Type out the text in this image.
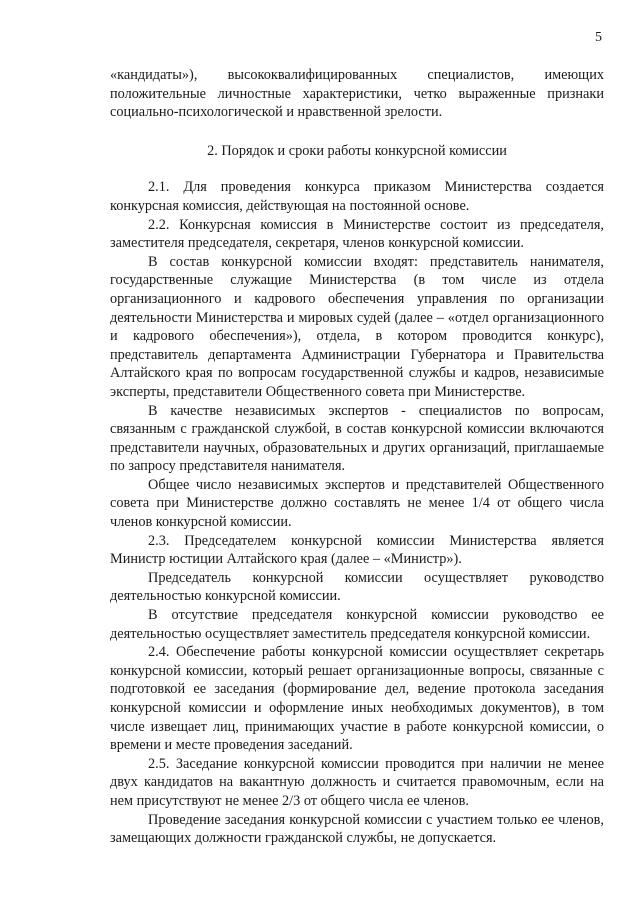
5

«кандидаты»), высококвалифицированных специалистов, имеющих положительные личностные характеристики, четко выраженные признаки социально-психологической и нравственной зрелости.

2. Порядок и сроки работы конкурсной комиссии

2.1. Для проведения конкурса приказом Министерства создается конкурсная комиссия, действующая на постоянной основе.

2.2. Конкурсная комиссия в Министерстве состоит из председателя, заместителя председателя, секретаря, членов конкурсной комиссии.

В состав конкурсной комиссии входят: представитель нанимателя, государственные служащие Министерства (в том числе из отдела организационного и кадрового обеспечения управления по организации деятельности Министерства и мировых судей (далее – «отдел организационного и кадрового обеспечения»), отдела, в котором проводится конкурс), представитель департамента Администрации Губернатора и Правительства Алтайского края по вопросам государственной службы и кадров, независимые эксперты, представители Общественного совета при Министерстве.

В качестве независимых экспертов - специалистов по вопросам, связанным с гражданской службой, в состав конкурсной комиссии включаются представители научных, образовательных и других организаций, приглашаемые по запросу представителя нанимателя.

Общее число независимых экспертов и представителей Общественного совета при Министерстве должно составлять не менее 1/4 от общего числа членов конкурсной комиссии.

2.3. Председателем конкурсной комиссии Министерства является Министр юстиции Алтайского края (далее – «Министр»).

Председатель конкурсной комиссии осуществляет руководство деятельностью конкурсной комиссии.

В отсутствие председателя конкурсной комиссии руководство ее деятельностью осуществляет заместитель председателя конкурсной комиссии.

2.4. Обеспечение работы конкурсной комиссии осуществляет секретарь конкурсной комиссии, который решает организационные вопросы, связанные с подготовкой ее заседания (формирование дел, ведение протокола заседания конкурсной комиссии и оформление иных необходимых документов), в том числе извещает лиц, принимающих участие в работе конкурсной комиссии, о времени и месте проведения заседаний.

2.5. Заседание конкурсной комиссии проводится при наличии не менее двух кандидатов на вакантную должность и считается правомочным, если на нем присутствуют не менее 2/3 от общего числа ее членов.

Проведение заседания конкурсной комиссии с участием только ее членов, замещающих должности гражданской службы, не допускается.
